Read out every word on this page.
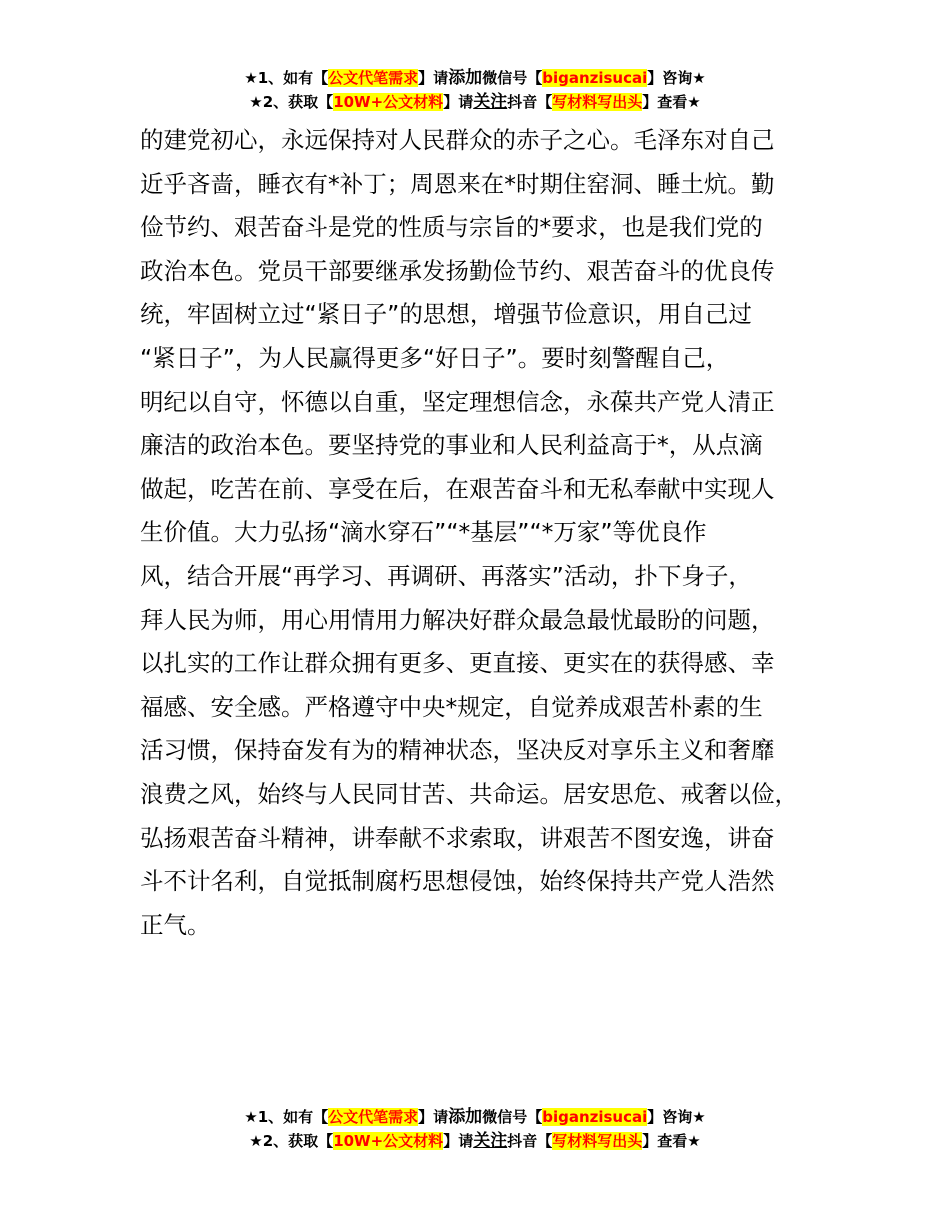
★1、如有【公文代笔需求】请添加微信号【biganzisucai】咨询★
★2、获取【10W+公文材料】请关注抖音【写材料写出头】查看★
的建党初心，永远保持对人民群众的赤子之心。毛泽东对自己
近乎吝啬，睡衣有*补丁；周恩来在*时期住窑洞、睡土炕。勤
俭节约、艰苦奋斗是党的性质与宗旨的*要求，也是我们党的
政治本色。党员干部要继承发扬勤俭节约、艰苦奋斗的优良传
统，牢固树立过“紧日子”的思想，增强节俭意识，用自己过
“紧日子”，为人民赢得更多“好日子”。要时刻警醒自己，
明纪以自守，怀德以自重，坚定理想信念，永葆共产党人清正
廉洁的政治本色。要坚持党的事业和人民利益高于*，从点滴
做起，吃苦在前、享受在后，在艰苦奋斗和无私奉献中实现人
生价值。大力弘扬“滴水穿石”“*基层”“*万家”等优良作
风，结合开展“再学习、再调研、再落实”活动，扑下身子，
拜人民为师，用心用情用力解决好群众最急最忧最盼的问题，
以扎实的工作让群众拥有更多、更直接、更实在的获得感、幸
福感、安全感。严格遵守中央*规定，自觉养成艰苦朴素的生
活习惯，保持奋发有为的精神状态，坚决反对享乐主义和奢靡
浪费之风，始终与人民同甘苦、共命运。居安思危、戒奢以俭，
弘扬艰苦奋斗精神，讲奉献不求索取，讲艰苦不图安逸，讲奋
斗不计名利，自觉抵制腐朽思想侵蚀，始终保持共产党人浩然
正气。
★1、如有【公文代笔需求】请添加微信号【biganzisucai】咨询★
★2、获取【10W+公文材料】请关注抖音【写材料写出头】查看★
